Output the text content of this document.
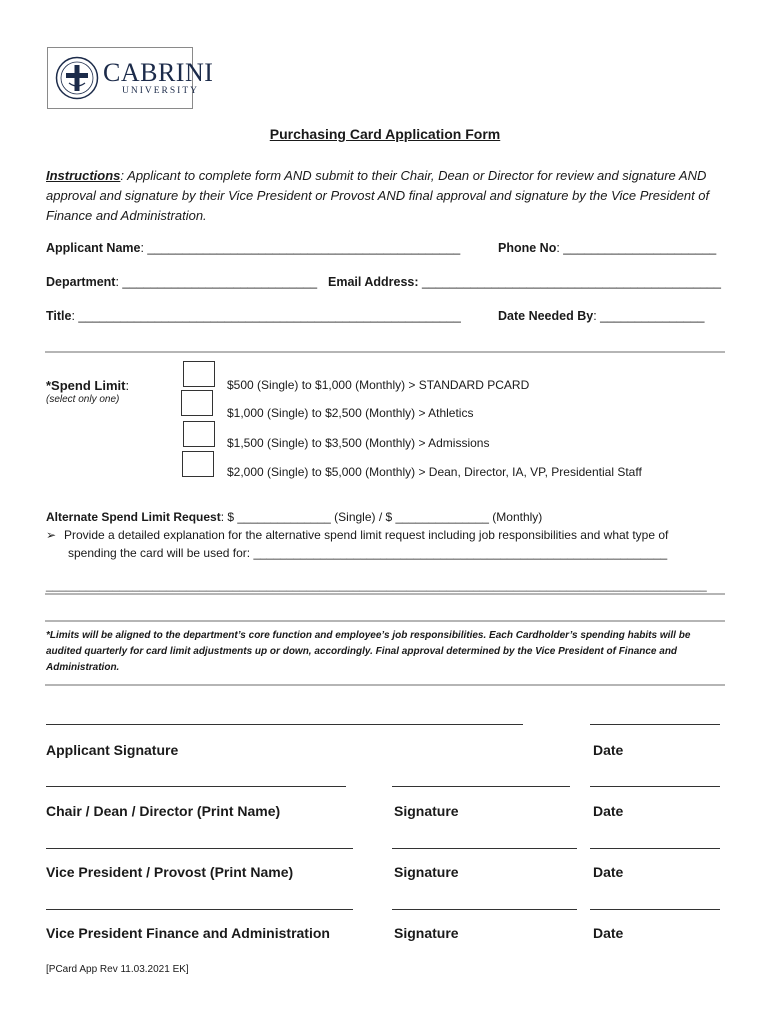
CABRINI
UNIVERSITY
Purchasing Card Application Form
Instructions: Applicant to complete form AND submit to their Chair, Dean or Director for review and signature AND approval and signature by their Vice President or Provost AND final approval and signature by the Vice President of Finance and Administration.
Applicant Name: _____________________________________________	Phone No: ______________________
Department: ____________________________ Email Address: ___________________________________________
Title: _______________________________________________________	Date Needed By: _______________
*Spend Limit:
(select only one)
$500 (Single) to $1,000 (Monthly) > STANDARD PCARD
$1,000 (Single) to $2,500 (Monthly) > Athletics
$1,500 (Single) to $3,500 (Monthly) > Admissions
$2,000 (Single) to $5,000 (Monthly) > Dean, Director, IA, VP, Presidential Staff
Alternate Spend Limit Request: $ ______________ (Single) / $ ______________ (Monthly)
➢ Provide a detailed explanation for the alternative spend limit request including job responsibilities and what type of
spending the card will be used for: ______________________________________________________________
___________________________________________________________________________________________________
*Limits will be aligned to the department’s core function and employee’s job responsibilities. Each Cardholder’s spending habits will be audited quarterly for card limit adjustments up or down, accordingly. Final approval determined by the Vice President of Finance and Administration.
Applicant Signature	Date
Chair / Dean / Director (Print Name)	Signature	Date
Vice President / Provost (Print Name)	Signature	Date
Vice President Finance and Administration	Signature	Date
[PCard App Rev 11.03.2021 EK]
